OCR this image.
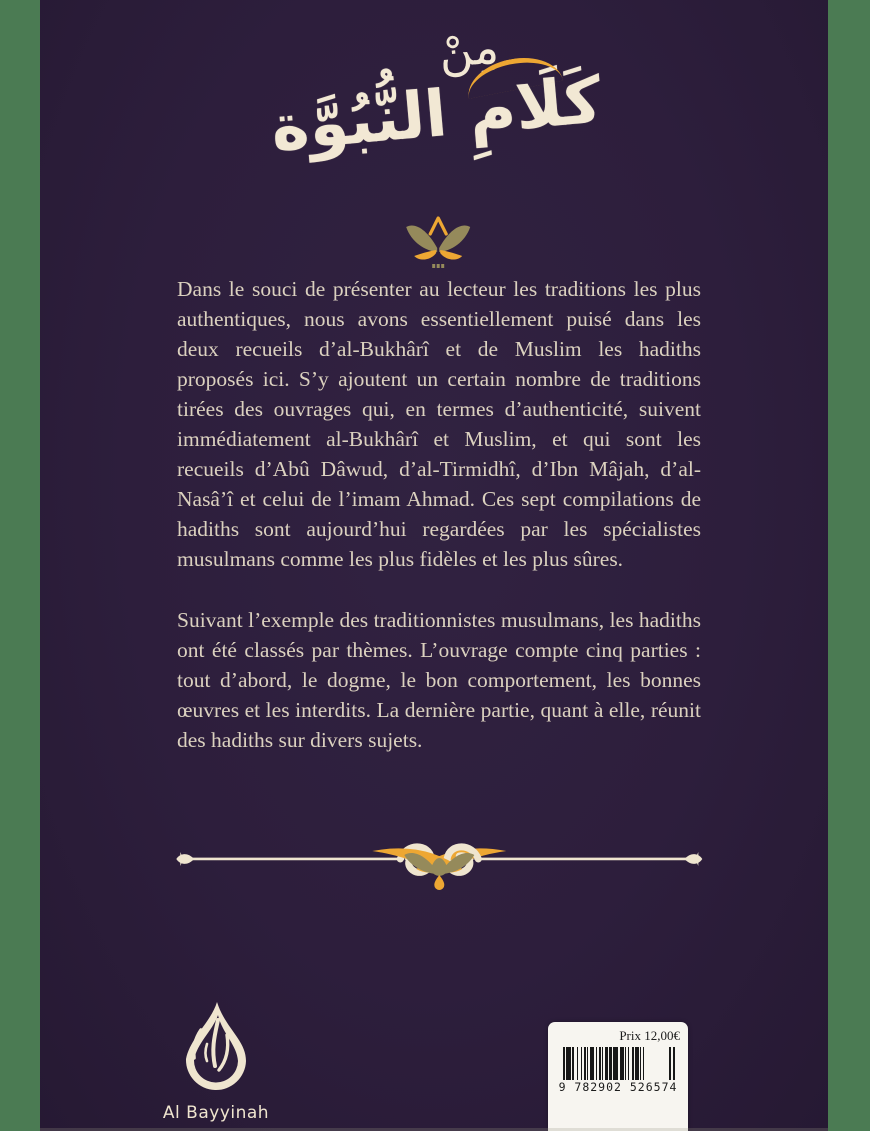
مِنْ
كَلَامِ النُّبُوَّة

Dans le souci de présenter au lecteur les traditions les plus authentiques, nous avons essentiellement puisé dans les deux recueils d’al-Bukhârî et de Muslim les hadiths proposés ici. S’y ajoutent un certain nombre de traditions tirées des ouvrages qui, en termes d’authenticité, suivent immédiatement al-Bukhârî et Muslim, et qui sont les recueils d’Abû Dâwud, d’al-Tirmidhî, d’Ibn Mâjah, d’al-Nasâ’î et celui de l’imam Ahmad. Ces sept compilations de hadiths sont aujourd’hui regardées par les spécialistes musulmans comme les plus fidèles et les plus sûres.

Suivant l’exemple des traditionnistes musulmans, les hadiths ont été classés par thèmes. L’ouvrage compte cinq parties : tout d’abord, le dogme, le bon comportement, les bonnes œuvres et les interdits. La dernière partie, quant à elle, réunit des hadiths sur divers sujets.

Al Bayyinah
Prix 12,00€
9 782902 526574
